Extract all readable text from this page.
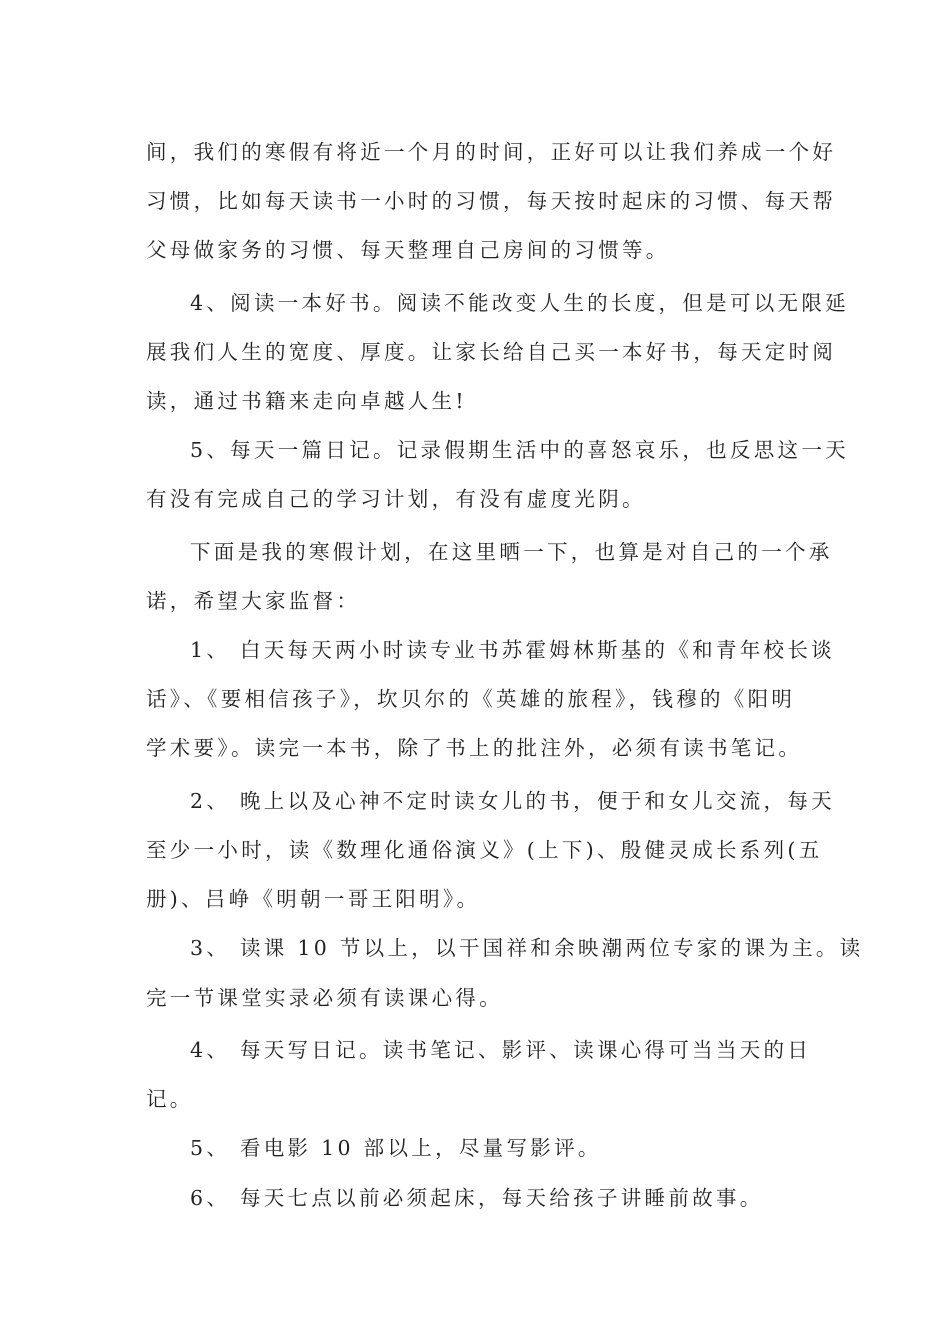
间，我们的寒假有将近一个月的时间，正好可以让我们养成一个好
习惯，比如每天读书一小时的习惯，每天按时起床的习惯、每天帮
父母做家务的习惯、每天整理自己房间的习惯等。
4、阅读一本好书。阅读不能改变人生的长度，但是可以无限延
展我们人生的宽度、厚度。让家长给自己买一本好书，每天定时阅
读，通过书籍来走向卓越人生!
5、每天一篇日记。记录假期生活中的喜怒哀乐，也反思这一天
有没有完成自己的学习计划，有没有虚度光阴。
下面是我的寒假计划，在这里晒一下，也算是对自己的一个承
诺，希望大家监督：
1、 白天每天两小时读专业书苏霍姆林斯基的《和青年校长谈
话》、《要相信孩子》，坎贝尔的《英雄的旅程》，钱穆的《阳明
学术要》。读完一本书，除了书上的批注外，必须有读书笔记。
2、 晚上以及心神不定时读女儿的书，便于和女儿交流，每天
至少一小时，读《数理化通俗演义》(上下)、殷健灵成长系列(五
册)、吕峥《明朝一哥王阳明》。
3、 读课 10 节以上，以干国祥和余映潮两位专家的课为主。读
完一节课堂实录必须有读课心得。
4、 每天写日记。读书笔记、影评、读课心得可当当天的日
记。
5、 看电影 10 部以上，尽量写影评。
6、 每天七点以前必须起床，每天给孩子讲睡前故事。
